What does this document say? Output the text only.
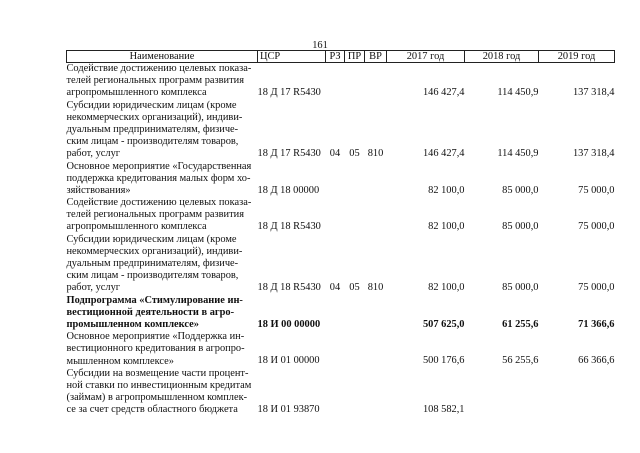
161
Наименование	ЦСР	РЗ	ПР	ВР	2017 год	2018 год	2019 год

Содействие достижению целевых показа-
телей региональных программ развития
агропромышленного комплекса	18 Д 17 R5430				146 427,4	114 450,9	137 318,4

Субсидии юридическим лицам (кроме
некоммерческих организаций), индиви-
дуальным предпринимателям, физиче-
ским лицам - производителям товаров,
работ, услуг	18 Д 17 R5430	04	05	810	146 427,4	114 450,9	137 318,4

Основное мероприятие «Государственная
поддержка кредитования малых форм хо-
зяйствования»	18 Д 18 00000				82 100,0	85 000,0	75 000,0

Содействие достижению целевых показа-
телей региональных программ развития
агропромышленного комплекса	18 Д 18 R5430				82 100,0	85 000,0	75 000,0

Субсидии юридическим лицам (кроме
некоммерческих организаций), индиви-
дуальным предпринимателям, физиче-
ским лицам - производителям товаров,
работ, услуг	18 Д 18 R5430	04	05	810	82 100,0	85 000,0	75 000,0

Подпрограмма «Стимулирование ин-
вестиционной деятельности в агро-
промышленном комплексе»	18 И 00 00000				507 625,0	61 255,6	71 366,6

Основное мероприятие «Поддержка ин-
вестиционного кредитования в агропро-
мышленном комплексе»	18 И 01 00000				500 176,6	56 255,6	66 366,6

Субсидии на возмещение части процент-
ной ставки по инвестиционным кредитам
(займам) в агропромышленном комплек-
се за счет средств областного бюджета	18 И 01 93870				108 582,1		
